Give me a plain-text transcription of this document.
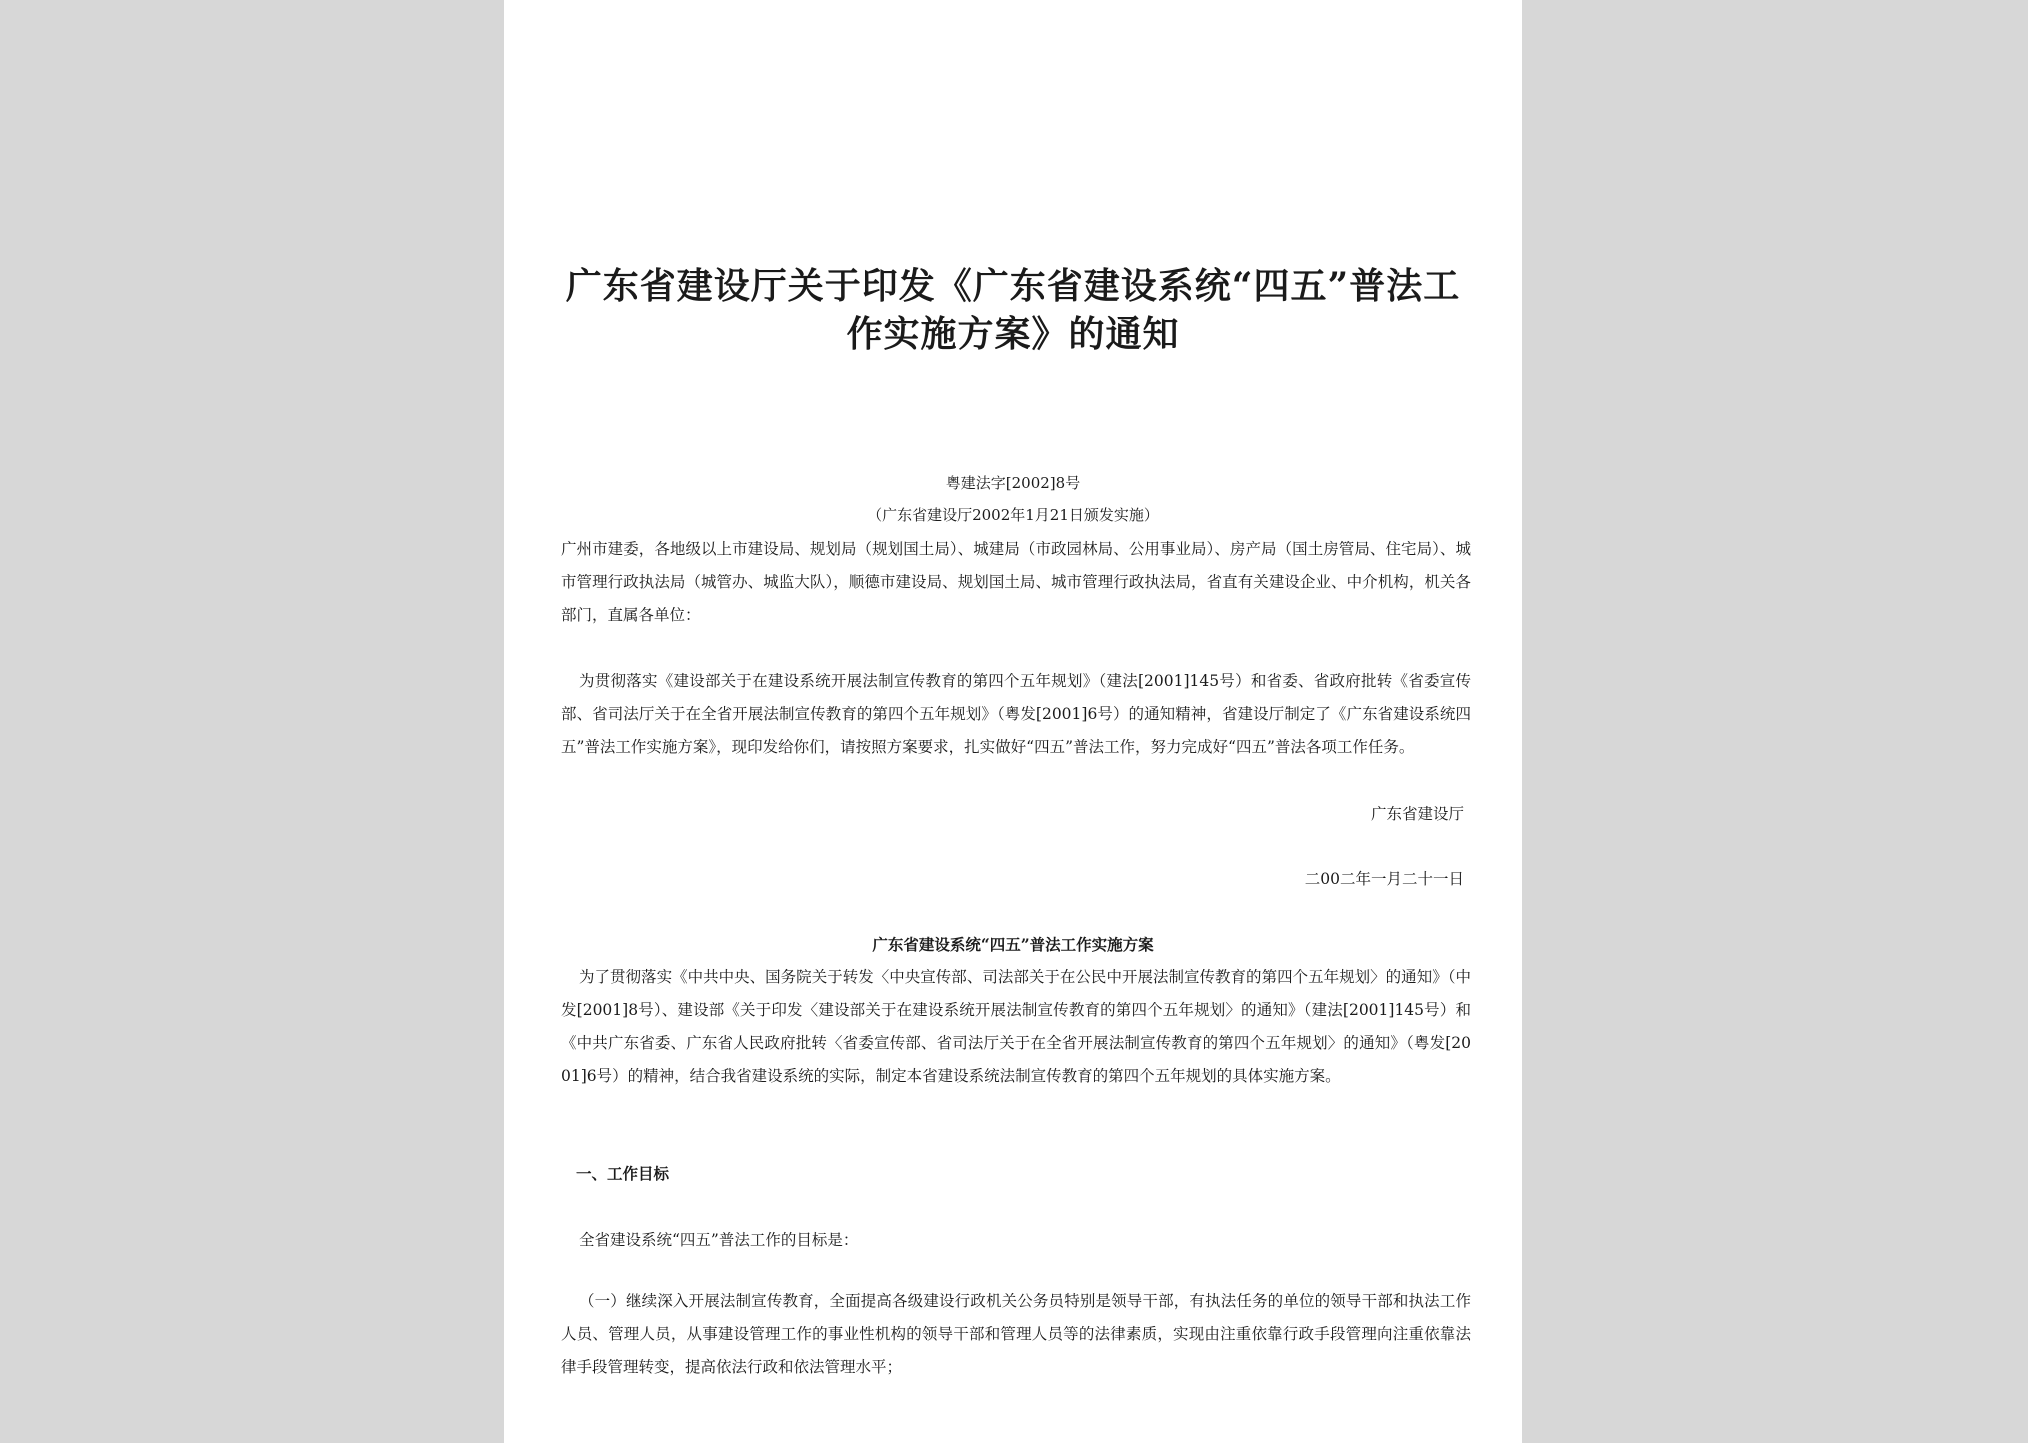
广东省建设厅关于印发《广东省建设系统“四五”普法工作实施方案》的通知
粤建法字[2002]8号
（广东省建设厅2002年1月21日颁发实施）

广州市建委，各地级以上市建设局、规划局（规划国土局）、城建局（市政园林局、公用事业局）、房产局（国土房管局、住宅局）、城市管理行政执法局（城管办、城监大队），顺德市建设局、规划国土局、城市管理行政执法局，省直有关建设企业、中介机构，机关各部门，直属各单位：

为贯彻落实《建设部关于在建设系统开展法制宣传教育的第四个五年规划》（建法[2001]145号）和省委、省政府批转《省委宣传部、省司法厅关于在全省开展法制宣传教育的第四个五年规划》（粤发[2001]6号）的通知精神，省建设厅制定了《广东省建设系统四五”普法工作实施方案》，现印发给你们，请按照方案要求，扎实做好“四五”普法工作，努力完成好“四五”普法各项工作任务。

广东省建设厅
二00二年一月二十一日
广东省建设系统“四五”普法工作实施方案

为了贯彻落实《中共中央、国务院关于转发〈中央宣传部、司法部关于在公民中开展法制宣传教育的第四个五年规划〉的通知》（中发[2001]8号）、建设部《关于印发〈建设部关于在建设系统开展法制宣传教育的第四个五年规划〉的通知》（建法[2001]145号）和《中共广东省委、广东省人民政府批转〈省委宣传部、省司法厅关于在全省开展法制宣传教育的第四个五年规划〉的通知》（粤发[2001]6号）的精神，结合我省建设系统的实际，制定本省建设系统法制宣传教育的第四个五年规划的具体实施方案。

一、工作目标
全省建设系统“四五”普法工作的目标是：

（一）继续深入开展法制宣传教育，全面提高各级建设行政机关公务员特别是领导干部，有执法任务的单位的领导干部和执法工作人员、管理人员，从事建设管理工作的事业性机构的领导干部和管理人员等的法律素质，实现由注重依靠行政手段管理向注重依靠法律手段管理转变，提高依法行政和依法管理水平；
